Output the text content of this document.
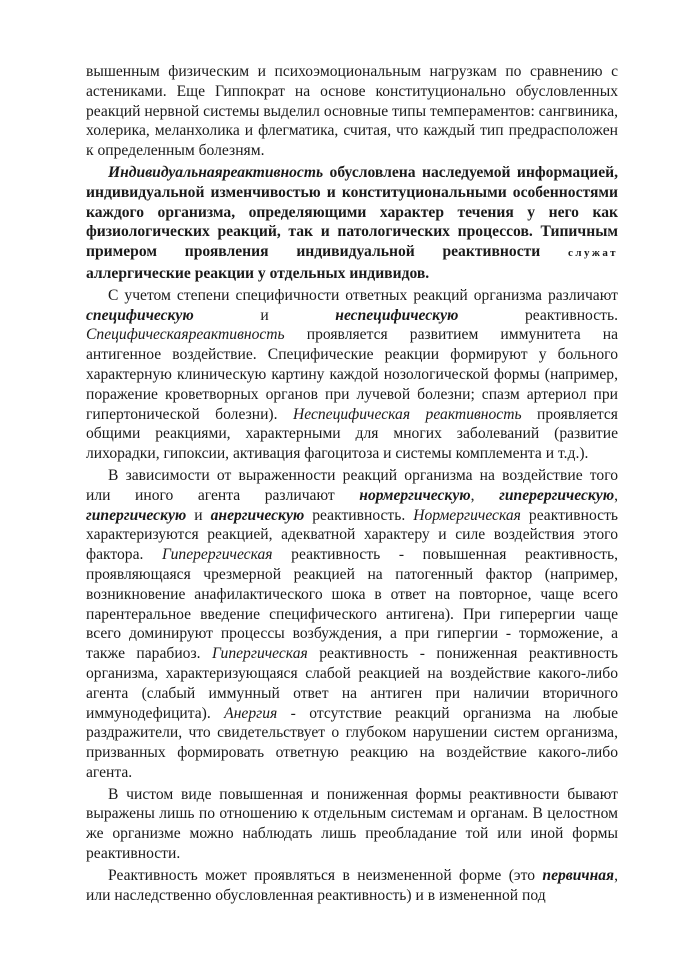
вышенным физическим и психоэмоциональным нагрузкам по сравнению с астениками. Еще Гиппократ на основе конституционально обусловленных реакций нервной системы выделил основные типы темпераментов: сангвиника, холерика, меланхолика и флегматика, считая, что каждый тип предрасположен к определенным болезням.

Индивидуальнаяреактивность обусловлена наследуемой информацией, индивидуальной изменчивостью и конституциональными особенностями каждого организма, определяющими характер течения у него как физиологических реакций, так и патологических процессов. Типичным примером проявления индивидуальной реактивности служат аллергические реакции у отдельных индивидов.

С учетом степени специфичности ответных реакций организма различают специфическую и неспецифическую реактивность. Специфическаяреактивность проявляется развитием иммунитета на антигенное воздействие. Специфические реакции формируют у больного характерную клиническую картину каждой нозологической формы (например, поражение кроветворных органов при лучевой болезни; спазм артериол при гипертонической болезни). Неспецифическая реактивность проявляется общими реакциями, характерными для многих заболеваний (развитие лихорадки, гипоксии, активация фагоцитоза и системы комплемента и т.д.).

В зависимости от выраженности реакций организма на воздействие того или иного агента различают нормергическую, гиперергическую, гипергическую и анергическую реактивность. Нормергическая реактивность характеризуются реакцией, адекватной характеру и силе воздействия этого фактора. Гиперергическая реактивность - повышенная реактивность, проявляющаяся чрезмерной реакцией на патогенный фактор (например, возникновение анафилактического шока в ответ на повторное, чаще всего парентеральное введение специфического антигена). При гиперергии чаще всего доминируют процессы возбуждения, а при гипергии - торможение, а также парабиоз. Гипергическая реактивность - пониженная реактивность организма, характеризующаяся слабой реакцией на воздействие какого-либо агента (слабый иммунный ответ на антиген при наличии вторичного иммунодефицита). Анергия - отсутствие реакций организма на любые раздражители, что свидетельствует о глубоком нарушении систем организма, призванных формировать ответную реакцию на воздействие какого-либо агента.

В чистом виде повышенная и пониженная формы реактивности бывают выражены лишь по отношению к отдельным системам и органам. В целостном же организме можно наблюдать лишь преобладание той или иной формы реактивности.

Реактивность может проявляться в неизмененной форме (это первичная, или наследственно обусловленная реактивность) и в измененной под
